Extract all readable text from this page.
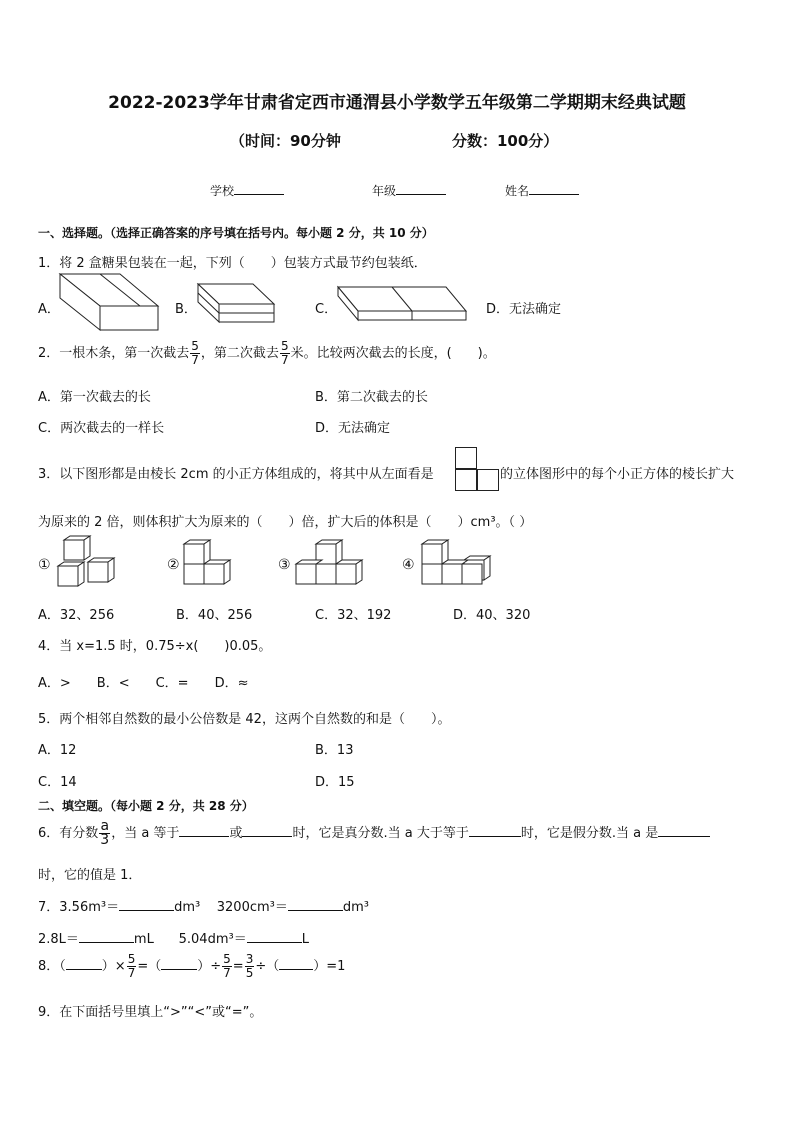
2022-2023学年甘肃省定西市通渭县小学数学五年级第二学期期末经典试题
（时间：90分钟	分数：100分）
学校	年级	姓名
一、选择题。（选择正确答案的序号填在括号内。每小题 2 分，共 10 分）
1．将 2 盒糖果包装在一起，下列（　　）包装方式最节约包装纸．
A．	B．	C．	D．无法确定
2．一根木条，第一次截去 $\frac{5}{7}$ ，第二次截去 $\frac{5}{7}$ 米。比较两次截去的长度，(　　)。
A．第一次截去的长	B．第二次截去的长
C．两次截去的一样长	D．无法确定
3．以下图形都是由棱长 2cm 的小正方体组成的，将其中从左面看是	的立体图形中的每个小正方体的棱长扩大
为原来的 2 倍，则体积扩大为原来的（　　）倍，扩大后的体积是（　　）cm³。（ ）
①	②	③	④
A．32、256	B．40、256	C．32、192	D．40、320
4．当 x=1.5 时，0.75÷x(　　)0.05。
A．>　　B．<　　C．=　　D．≈
5．两个相邻自然数的最小公倍数是 42，这两个自然数的和是（　　）。
A．12	B．13
C．14	D．15
二、填空题。（每小题 2 分，共 28 分）
6．有分数 $\frac{a}{3}$ ，当 a 等于	或	时，它是真分数.当 a 大于等于	时，它是假分数.当 a 是
时，它的值是 1．
7．3.56m³＝	dm³ 3200cm³＝	dm³
2.8L＝	mL 5.04dm³＝	L
8．（	）× $\frac{5}{7}$ =（	）÷ $\frac{5}{7} = \frac{3}{5}$ ÷（	）=1
9．在下面括号里填上“>”“<”或“=”。
